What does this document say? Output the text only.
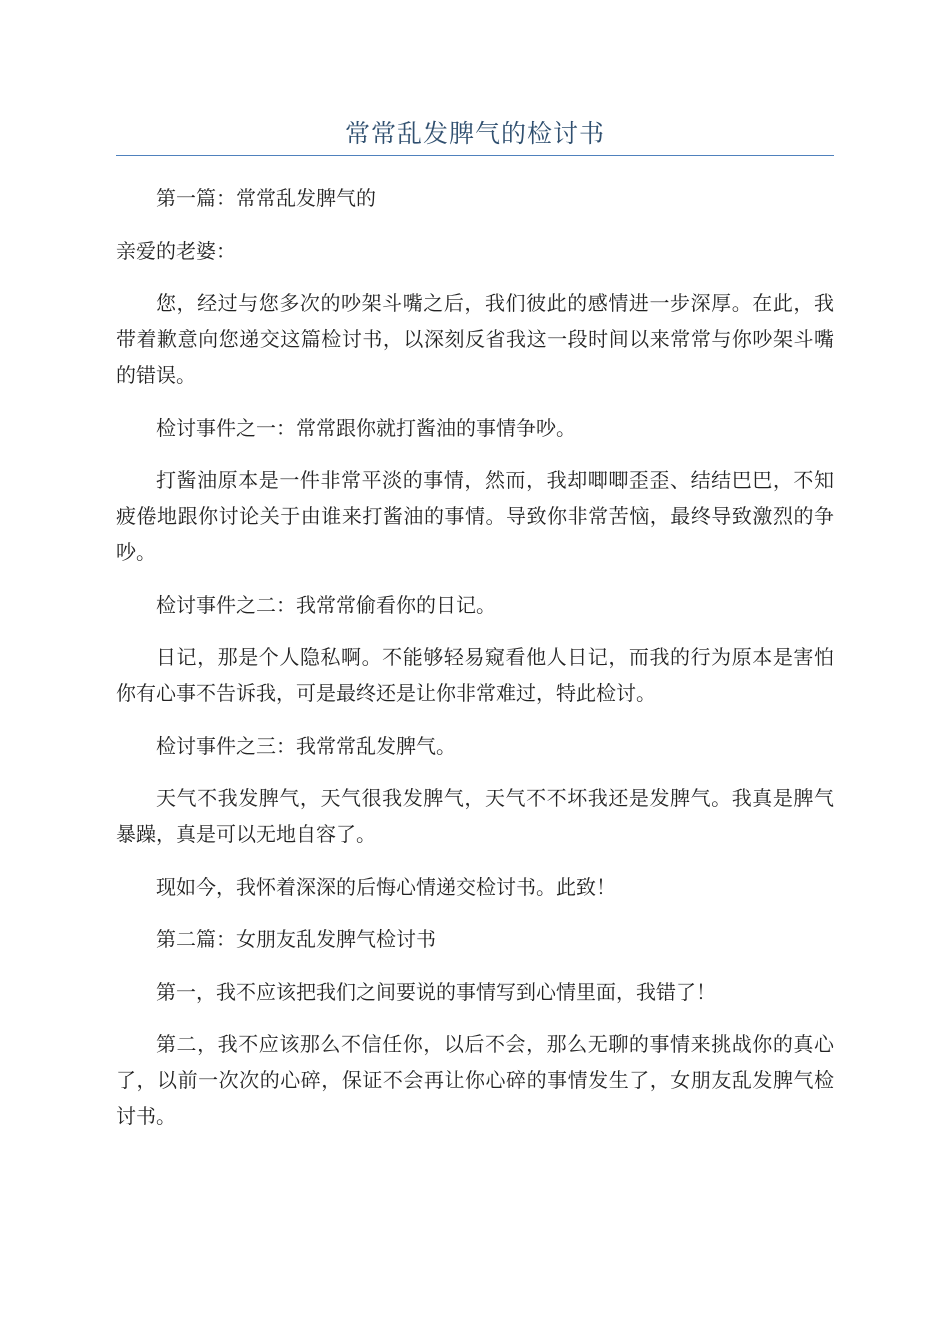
常常乱发脾气的检讨书

第一篇：常常乱发脾气的

亲爱的老婆：

您，经过与您多次的吵架斗嘴之后，我们彼此的感情进一步深厚。在此，我带着歉意向您递交这篇检讨书，以深刻反省我这一段时间以来常常与你吵架斗嘴的错误。

检讨事件之一：常常跟你就打酱油的事情争吵。

打酱油原本是一件非常平淡的事情，然而，我却唧唧歪歪、结结巴巴，不知疲倦地跟你讨论关于由谁来打酱油的事情。导致你非常苦恼，最终导致激烈的争吵。

检讨事件之二：我常常偷看你的日记。

日记，那是个人隐私啊。不能够轻易窥看他人日记，而我的行为原本是害怕你有心事不告诉我，可是最终还是让你非常难过，特此检讨。

检讨事件之三：我常常乱发脾气。

天气不我发脾气，天气很我发脾气，天气不不坏我还是发脾气。我真是脾气暴躁，真是可以无地自容了。

现如今，我怀着深深的后悔心情递交检讨书。此致！

第二篇：女朋友乱发脾气检讨书

第一，我不应该把我们之间要说的事情写到心情里面，我错了！

第二，我不应该那么不信任你，以后不会，那么无聊的事情来挑战你的真心了，以前一次次的心碎，保证不会再让你心碎的事情发生了，女朋友乱发脾气检讨书。
